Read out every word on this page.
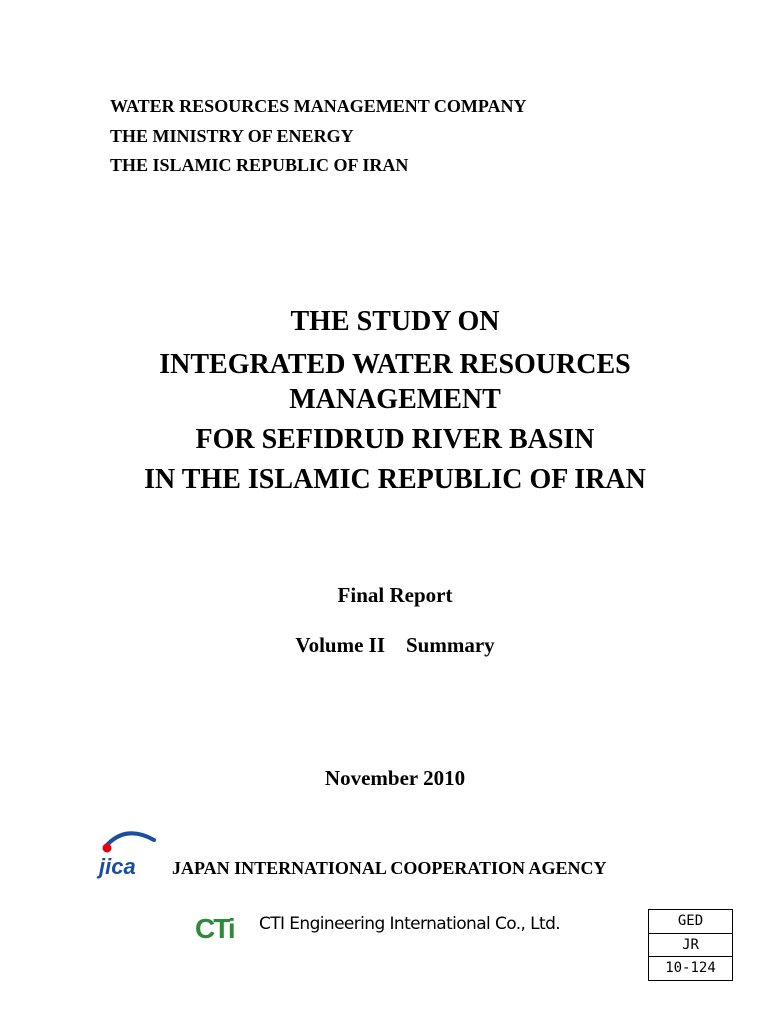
WATER RESOURCES MANAGEMENT COMPANY
THE MINISTRY OF ENERGY
THE ISLAMIC REPUBLIC OF IRAN
THE STUDY ON
INTEGRATED WATER RESOURCES
MANAGEMENT
FOR SEFIDRUD RIVER BASIN
IN THE ISLAMIC REPUBLIC OF IRAN
Final Report
Volume II    Summary
November 2010
jica JAPAN INTERNATIONAL COOPERATION AGENCY
CTi CTI Engineering International Co., Ltd.	GED
JR
10-124
